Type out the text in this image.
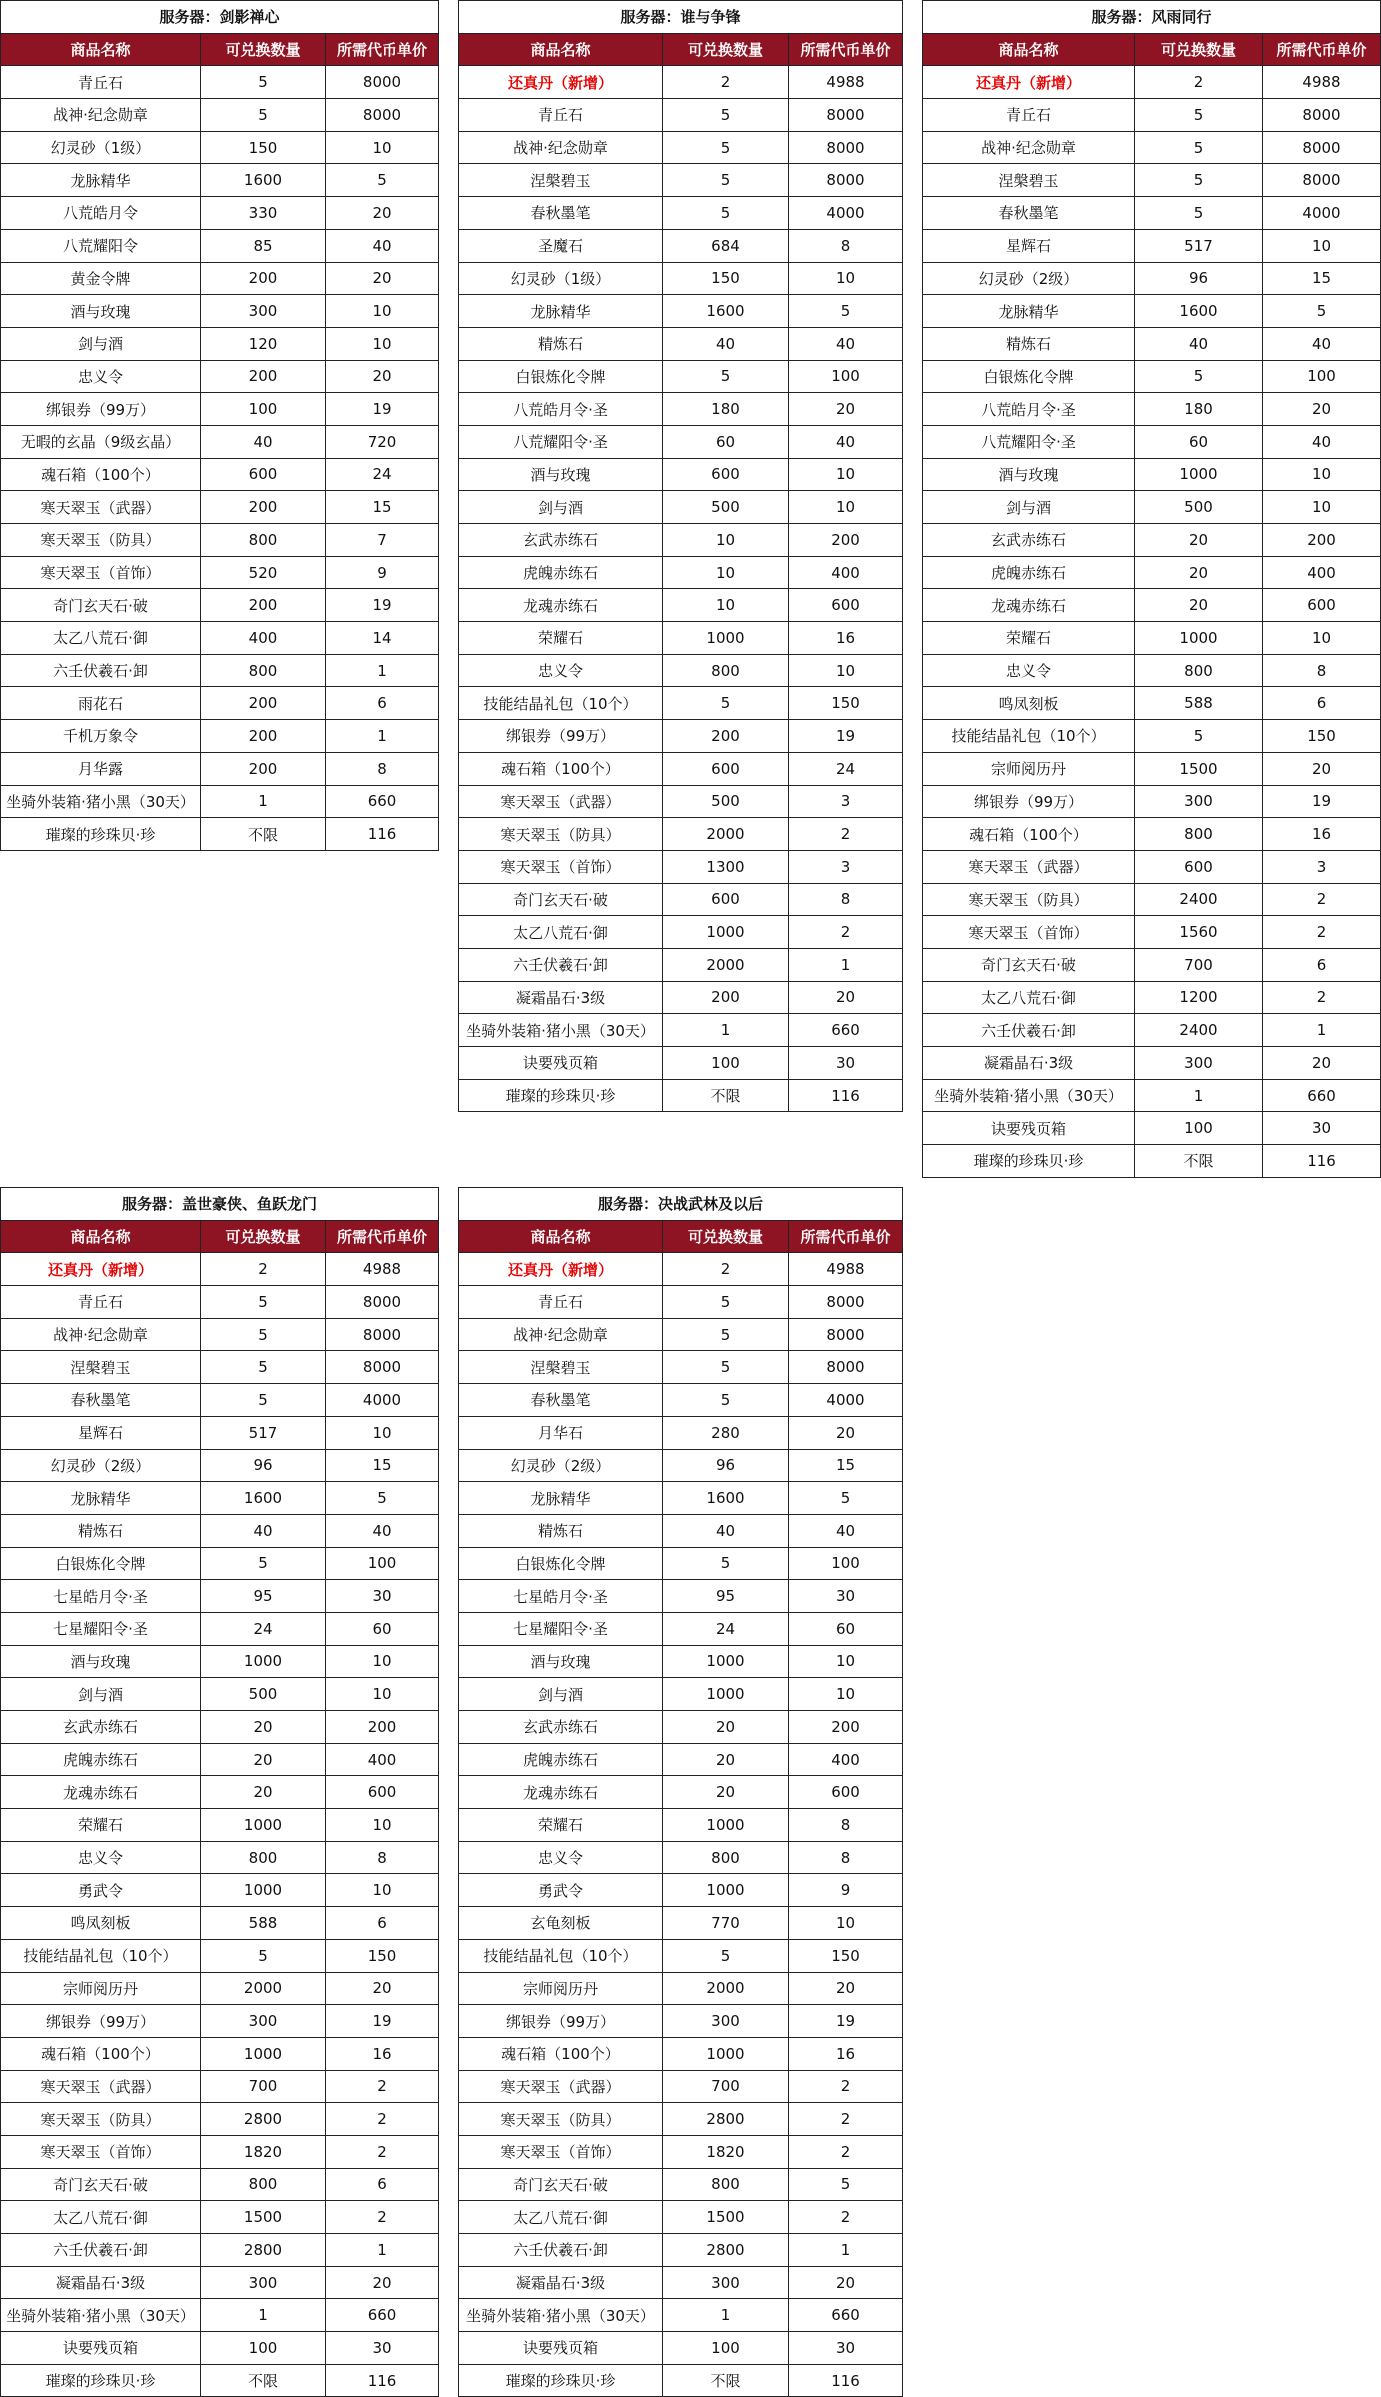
服务器：剑影禅心		
商品名称	可兑换数量	所需代币单价
青丘石	5	8000
战神·纪念勋章	5	8000
幻灵砂（1级）	150	10
龙脉精华	1600	5
八荒皓月令	330	20
八荒耀阳令	85	40
黄金令牌	200	20
酒与玫瑰	300	10
剑与酒	120	10
忠义令	200	20
绑银券（99万）	100	19
无暇的玄晶（9级玄晶）	40	720
魂石箱（100个）	600	24
寒天翠玉（武器）	200	15
寒天翠玉（防具）	800	7
寒天翠玉（首饰）	520	9
奇门玄天石·破	200	19
太乙八荒石·御	400	14
六壬伏羲石·卸	800	1
雨花石	200	6
千机万象令	200	1
月华露	200	8
坐骑外装箱·猪小黑（30天）	1	660
璀璨的珍珠贝·珍	不限	116
服务器：谁与争锋		
商品名称	可兑换数量	所需代币单价
还真丹（新增）	2	4988
青丘石	5	8000
战神·纪念勋章	5	8000
涅槃碧玉	5	8000
春秋墨笔	5	4000
圣魔石	684	8
幻灵砂（1级）	150	10
龙脉精华	1600	5
精炼石	40	40
白银炼化令牌	5	100
八荒皓月令·圣	180	20
八荒耀阳令·圣	60	40
酒与玫瑰	600	10
剑与酒	500	10
玄武赤练石	10	200
虎魄赤练石	10	400
龙魂赤练石	10	600
荣耀石	1000	16
忠义令	800	10
技能结晶礼包（10个）	5	150
绑银券（99万）	200	19
魂石箱（100个）	600	24
寒天翠玉（武器）	500	3
寒天翠玉（防具）	2000	2
寒天翠玉（首饰）	1300	3
奇门玄天石·破	600	8
太乙八荒石·御	1000	2
六壬伏羲石·卸	2000	1
凝霜晶石·3级	200	20
坐骑外装箱·猪小黑（30天）	1	660
诀要残页箱	100	30
璀璨的珍珠贝·珍	不限	116
服务器：风雨同行		
商品名称	可兑换数量	所需代币单价
还真丹（新增）	2	4988
青丘石	5	8000
战神·纪念勋章	5	8000
涅槃碧玉	5	8000
春秋墨笔	5	4000
星辉石	517	10
幻灵砂（2级）	96	15
龙脉精华	1600	5
精炼石	40	40
白银炼化令牌	5	100
八荒皓月令·圣	180	20
八荒耀阳令·圣	60	40
酒与玫瑰	1000	10
剑与酒	500	10
玄武赤练石	20	200
虎魄赤练石	20	400
龙魂赤练石	20	600
荣耀石	1000	10
忠义令	800	8
鸣凤刻板	588	6
技能结晶礼包（10个）	5	150
宗师阅历丹	1500	20
绑银券（99万）	300	19
魂石箱（100个）	800	16
寒天翠玉（武器）	600	3
寒天翠玉（防具）	2400	2
寒天翠玉（首饰）	1560	2
奇门玄天石·破	700	6
太乙八荒石·御	1200	2
六壬伏羲石·卸	2400	1
凝霜晶石·3级	300	20
坐骑外装箱·猪小黑（30天）	1	660
诀要残页箱	100	30
璀璨的珍珠贝·珍	不限	116
服务器：盖世豪侠、鱼跃龙门		
商品名称	可兑换数量	所需代币单价
还真丹（新增）	2	4988
青丘石	5	8000
战神·纪念勋章	5	8000
涅槃碧玉	5	8000
春秋墨笔	5	4000
星辉石	517	10
幻灵砂（2级）	96	15
龙脉精华	1600	5
精炼石	40	40
白银炼化令牌	5	100
七星皓月令·圣	95	30
七星耀阳令·圣	24	60
酒与玫瑰	1000	10
剑与酒	500	10
玄武赤练石	20	200
虎魄赤练石	20	400
龙魂赤练石	20	600
荣耀石	1000	10
忠义令	800	8
勇武令	1000	10
鸣凤刻板	588	6
技能结晶礼包（10个）	5	150
宗师阅历丹	2000	20
绑银券（99万）	300	19
魂石箱（100个）	1000	16
寒天翠玉（武器）	700	2
寒天翠玉（防具）	2800	2
寒天翠玉（首饰）	1820	2
奇门玄天石·破	800	6
太乙八荒石·御	1500	2
六壬伏羲石·卸	2800	1
凝霜晶石·3级	300	20
坐骑外装箱·猪小黑（30天）	1	660
诀要残页箱	100	30
璀璨的珍珠贝·珍	不限	116
服务器：决战武林及以后		
商品名称	可兑换数量	所需代币单价
还真丹（新增）	2	4988
青丘石	5	8000
战神·纪念勋章	5	8000
涅槃碧玉	5	8000
春秋墨笔	5	4000
月华石	280	20
幻灵砂（2级）	96	15
龙脉精华	1600	5
精炼石	40	40
白银炼化令牌	5	100
七星皓月令·圣	95	30
七星耀阳令·圣	24	60
酒与玫瑰	1000	10
剑与酒	1000	10
玄武赤练石	20	200
虎魄赤练石	20	400
龙魂赤练石	20	600
荣耀石	1000	8
忠义令	800	8
勇武令	1000	9
玄龟刻板	770	10
技能结晶礼包（10个）	5	150
宗师阅历丹	2000	20
绑银券（99万）	300	19
魂石箱（100个）	1000	16
寒天翠玉（武器）	700	2
寒天翠玉（防具）	2800	2
寒天翠玉（首饰）	1820	2
奇门玄天石·破	800	5
太乙八荒石·御	1500	2
六壬伏羲石·卸	2800	1
凝霜晶石·3级	300	20
坐骑外装箱·猪小黑（30天）	1	660
诀要残页箱	100	30
璀璨的珍珠贝·珍	不限	116
